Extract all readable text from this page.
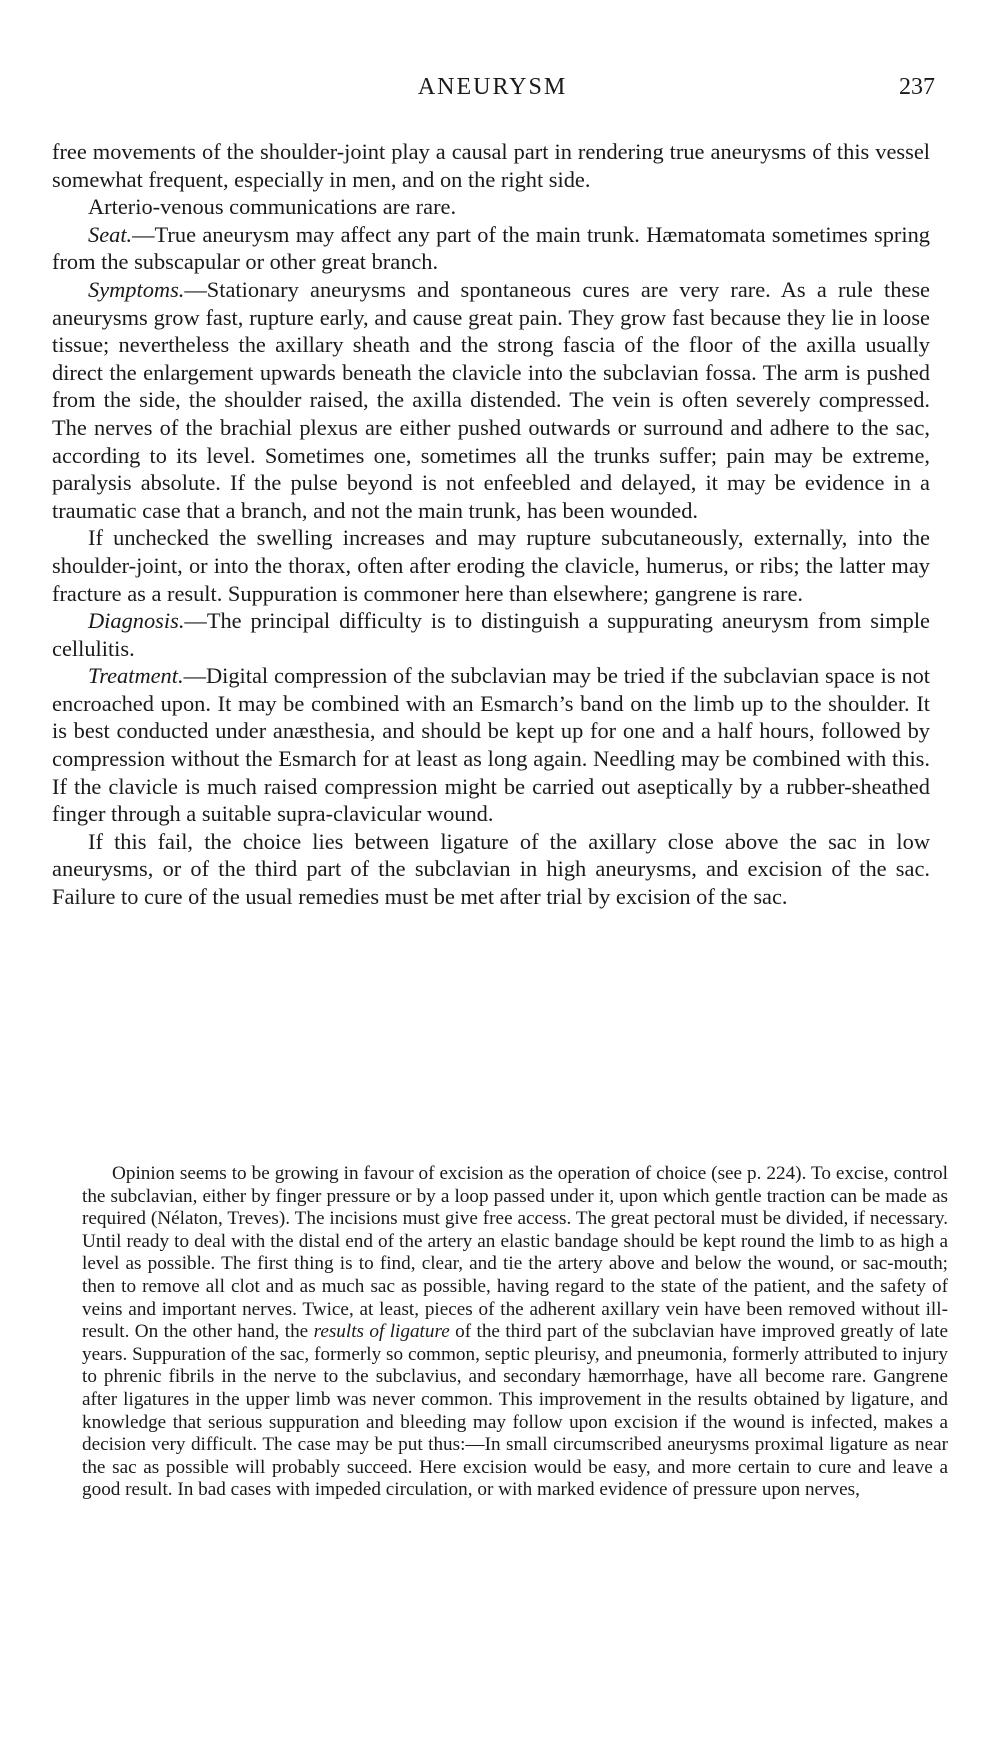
ANEURYSM	237

free movements of the shoulder-joint play a causal part in rendering true aneurysms of this vessel somewhat frequent, especially in men, and on the right side.

Arterio-venous communications are rare.

Seat.—True aneurysm may affect any part of the main trunk. Hæmatomata sometimes spring from the subscapular or other great branch.

Symptoms.—Stationary aneurysms and spontaneous cures are very rare. As a rule these aneurysms grow fast, rupture early, and cause great pain. They grow fast because they lie in loose tissue; nevertheless the axillary sheath and the strong fascia of the floor of the axilla usually direct the enlargement upwards beneath the clavicle into the subclavian fossa. The arm is pushed from the side, the shoulder raised, the axilla distended. The vein is often severely compressed. The nerves of the brachial plexus are either pushed outwards or surround and adhere to the sac, according to its level. Sometimes one, sometimes all the trunks suffer; pain may be extreme, paralysis absolute. If the pulse beyond is not enfeebled and delayed, it may be evidence in a traumatic case that a branch, and not the main trunk, has been wounded.

If unchecked the swelling increases and may rupture subcutaneously, externally, into the shoulder-joint, or into the thorax, often after eroding the clavicle, humerus, or ribs; the latter may fracture as a result. Suppuration is commoner here than elsewhere; gangrene is rare.

Diagnosis.—The principal difficulty is to distinguish a suppurating aneurysm from simple cellulitis.

Treatment.—Digital compression of the subclavian may be tried if the subclavian space is not encroached upon. It may be combined with an Esmarch’s band on the limb up to the shoulder. It is best conducted under anæsthesia, and should be kept up for one and a half hours, followed by compression without the Esmarch for at least as long again. Needling may be combined with this. If the clavicle is much raised compression might be carried out aseptically by a rubber-sheathed finger through a suitable supra-clavicular wound.

If this fail, the choice lies between ligature of the axillary close above the sac in low aneurysms, or of the third part of the subclavian in high aneurysms, and excision of the sac. Failure to cure of the usual remedies must be met after trial by excision of the sac.

Opinion seems to be growing in favour of excision as the operation of choice (see p. 224). To excise, control the subclavian, either by finger pressure or by a loop passed under it, upon which gentle traction can be made as required (Nélaton, Treves). The incisions must give free access. The great pectoral must be divided, if necessary. Until ready to deal with the distal end of the artery an elastic bandage should be kept round the limb to as high a level as possible. The first thing is to find, clear, and tie the artery above and below the wound, or sac-mouth; then to remove all clot and as much sac as possible, having regard to the state of the patient, and the safety of veins and important nerves. Twice, at least, pieces of the adherent axillary vein have been removed without ill-result. On the other hand, the results of ligature of the third part of the subclavian have improved greatly of late years. Suppuration of the sac, formerly so common, septic pleurisy, and pneumonia, formerly attributed to injury to phrenic fibrils in the nerve to the subclavius, and secondary hæmorrhage, have all become rare. Gangrene after ligatures in the upper limb was never common. This improvement in the results obtained by ligature, and knowledge that serious suppuration and bleeding may follow upon excision if the wound is infected, makes a decision very difficult. The case may be put thus:—In small circumscribed aneurysms proximal ligature as near the sac as possible will probably succeed. Here excision would be easy, and more certain to cure and leave a good result. In bad cases with impeded circulation, or with marked evidence of pressure upon nerves,
